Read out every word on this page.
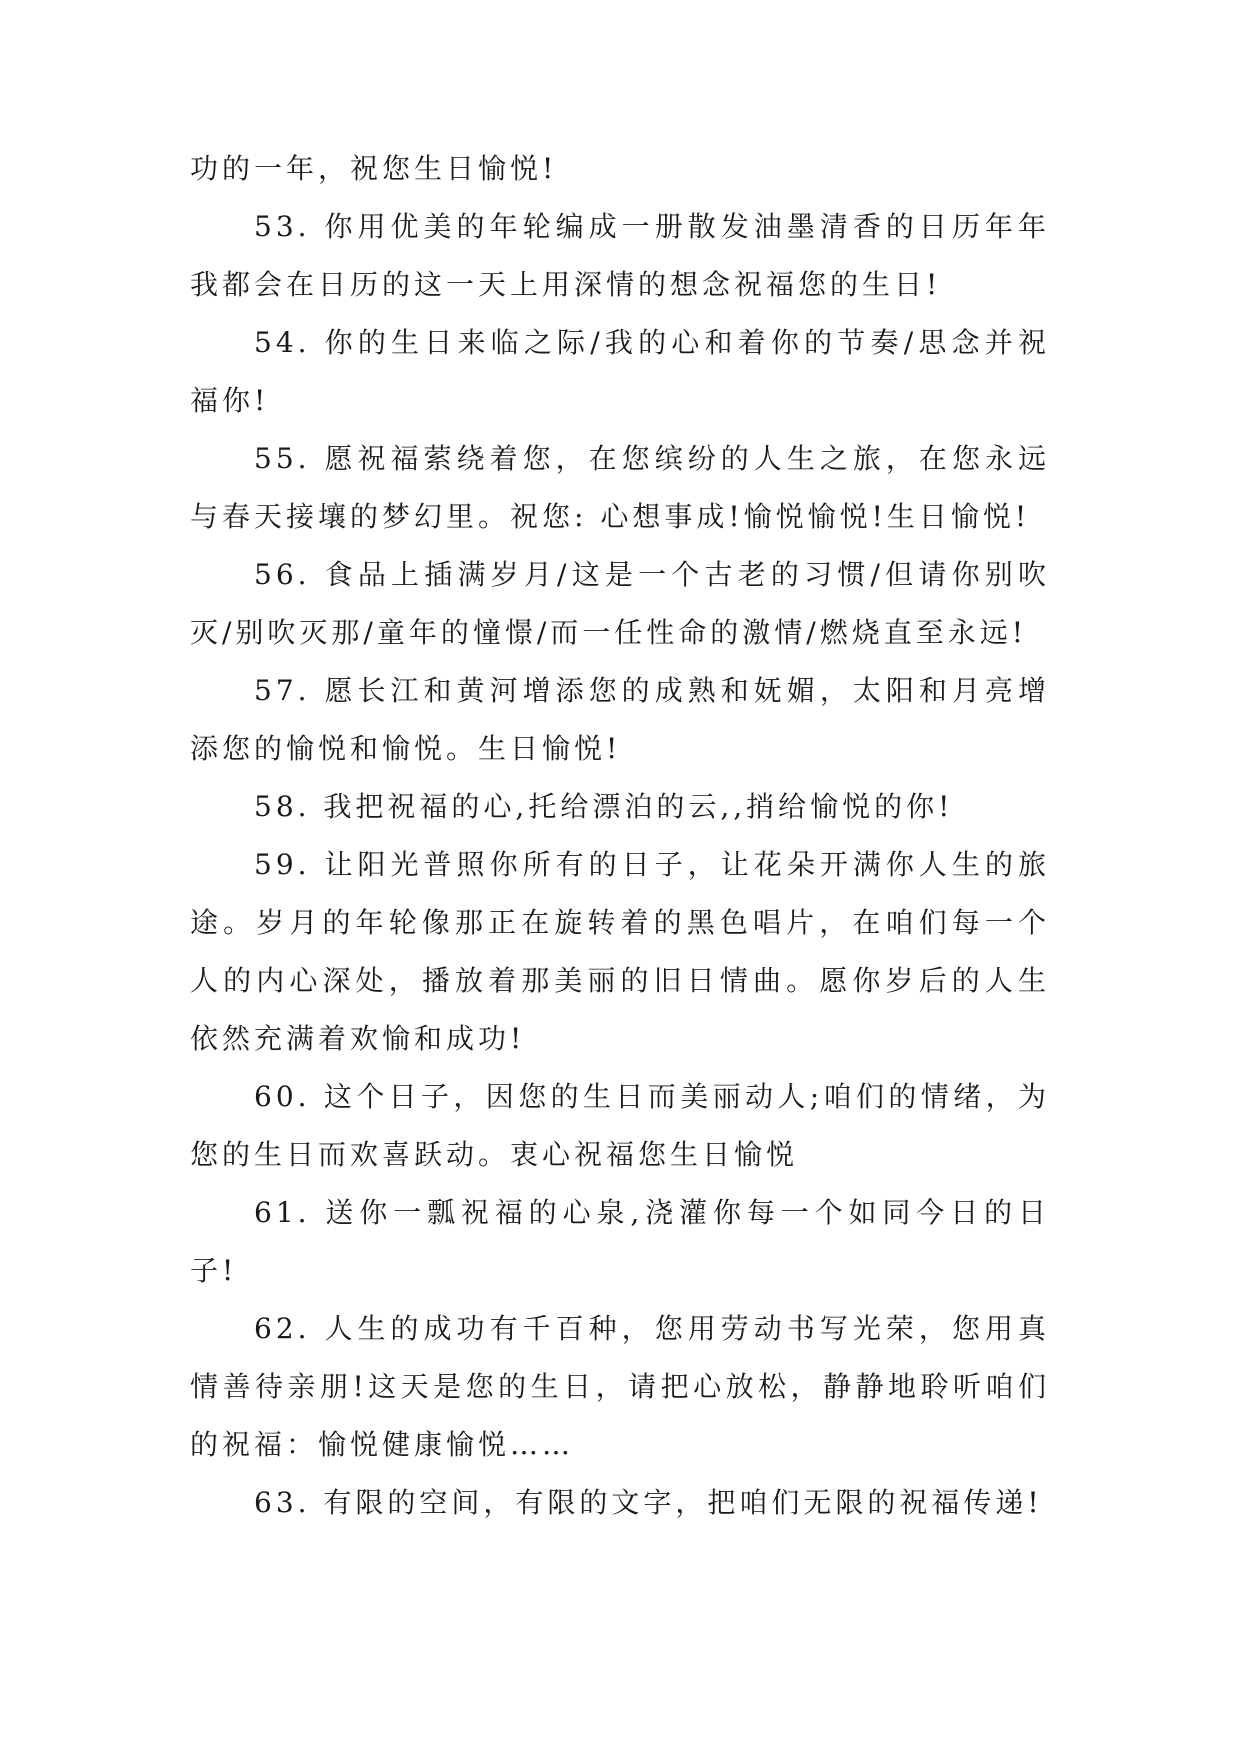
功的一年，祝您生日愉悦!

53. 你用优美的年轮编成一册散发油墨清香的日历年年我都会在日历的这一天上用深情的想念祝福您的生日!

54. 你的生日来临之际/我的心和着你的节奏/思念并祝福你!

55. 愿祝福萦绕着您，在您缤纷的人生之旅，在您永远与春天接壤的梦幻里。祝您: 心想事成!愉悦愉悦!生日愉悦!

56. 食品上插满岁月/这是一个古老的习惯/但请你别吹灭/别吹灭那/童年的憧憬/而一任性命的激情/燃烧直至永远!

57. 愿长江和黄河增添您的成熟和妩媚，太阳和月亮增添您的愉悦和愉悦。生日愉悦!

58. 我把祝福的心,托给漂泊的云,,捎给愉悦的你!

59. 让阳光普照你所有的日子，让花朵开满你人生的旅途。岁月的年轮像那正在旋转着的黑色唱片，在咱们每一个人的内心深处，播放着那美丽的旧日情曲。愿你岁后的人生依然充满着欢愉和成功!

60. 这个日子，因您的生日而美丽动人;咱们的情绪，为您的生日而欢喜跃动。衷心祝福您生日愉悦

61. 送你一瓢祝福的心泉,浇灌你每一个如同今日的日子!

62. 人生的成功有千百种，您用劳动书写光荣，您用真情善待亲朋!这天是您的生日，请把心放松，静静地聆听咱们的祝福：愉悦健康愉悦……

63. 有限的空间，有限的文字，把咱们无限的祝福传递!
